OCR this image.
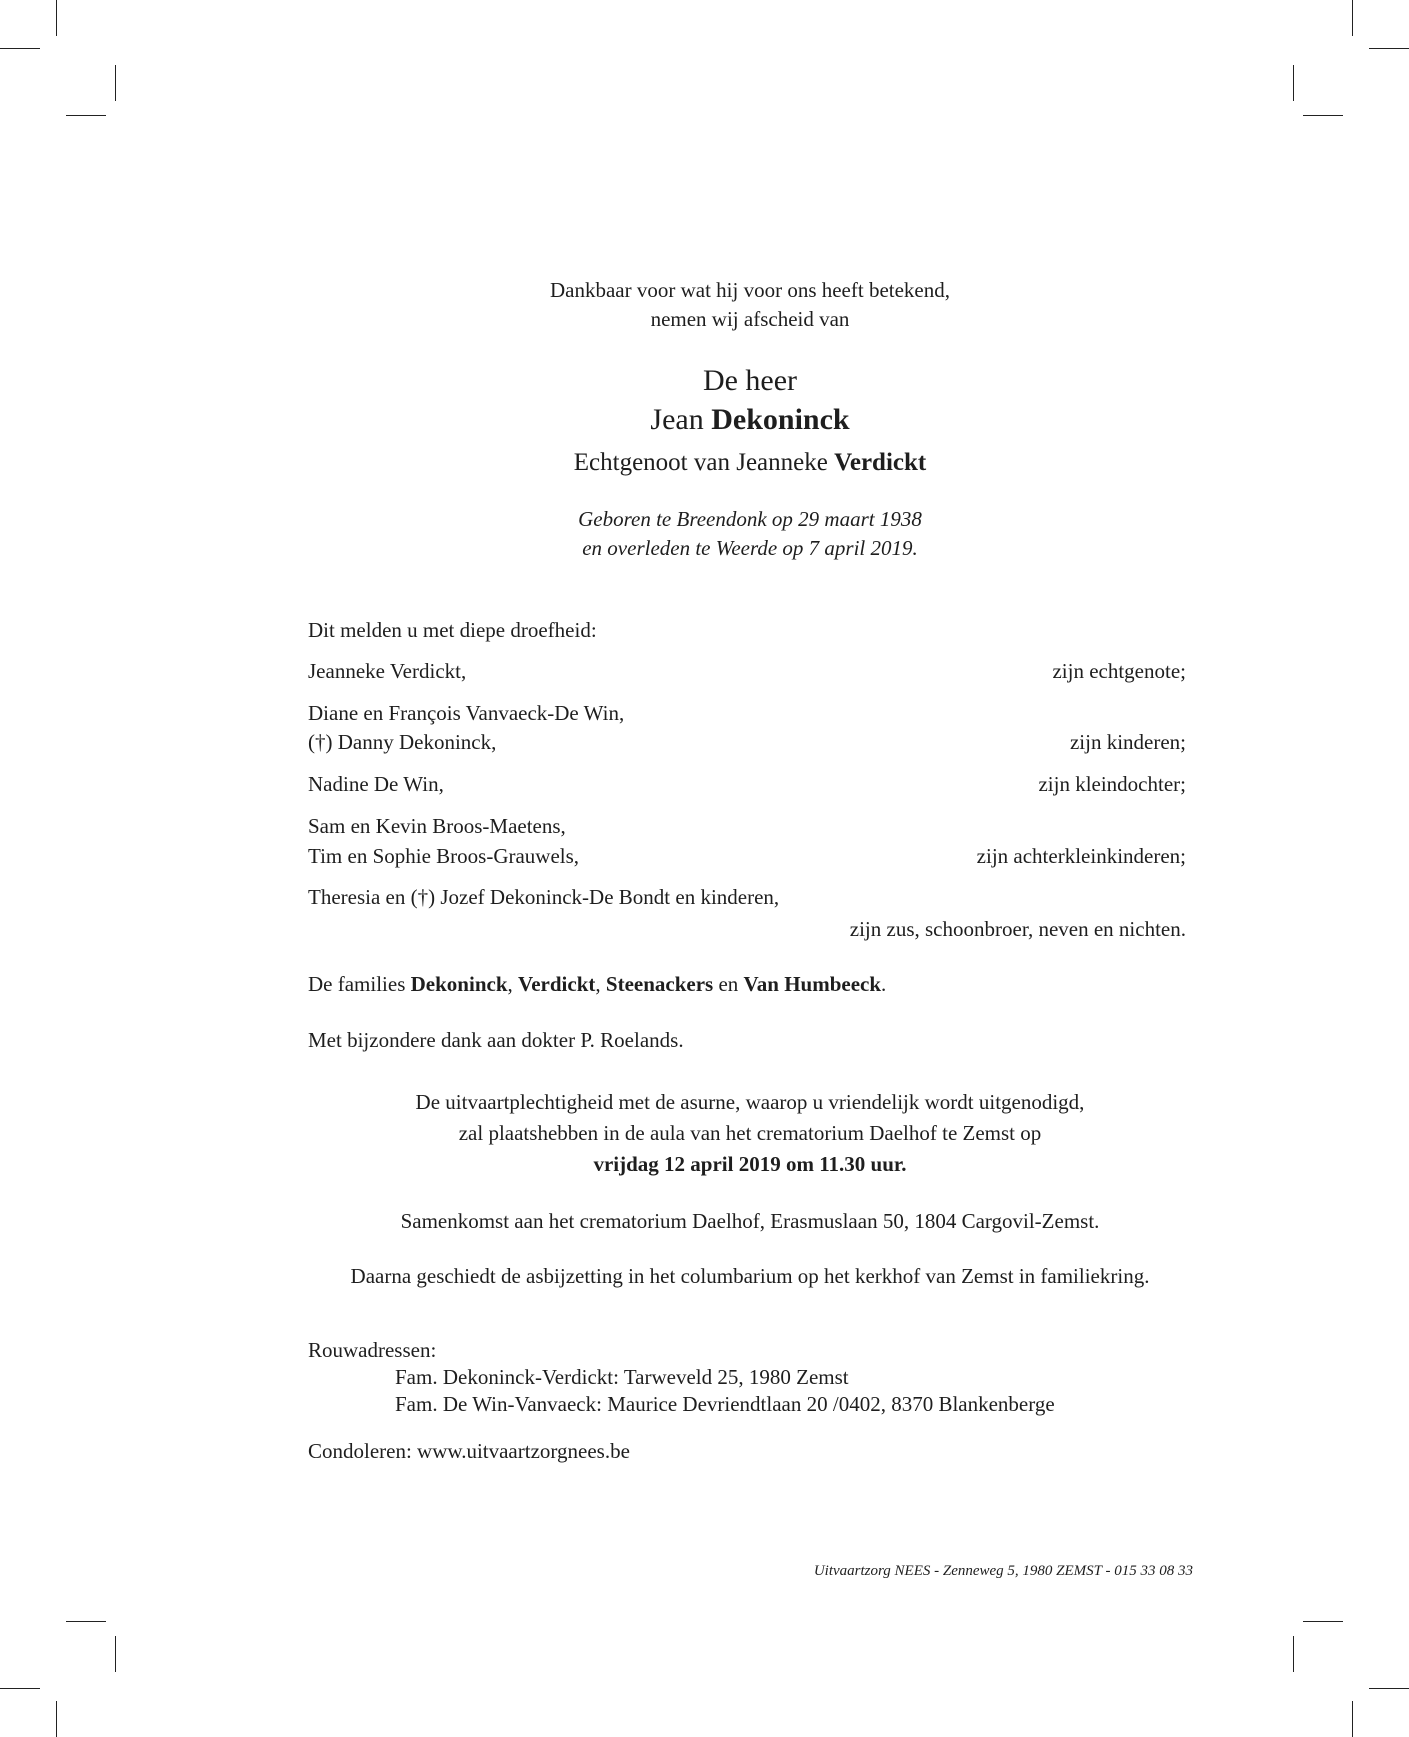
Dankbaar voor wat hij voor ons heeft betekend,
nemen wij afscheid van
De heer
Jean Dekoninck
Echtgenoot van Jeanneke Verdickt
Geboren te Breendonk op 29 maart 1938
en overleden te Weerde op 7 april 2019.
Dit melden u met diepe droefheid:
Jeanneke Verdickt,	zijn echtgenote;
Diane en François Vanvaeck-De Win,
(†) Danny Dekoninck,	zijn kinderen;
Nadine De Win,	zijn kleindochter;
Sam en Kevin Broos-Maetens,
Tim en Sophie Broos-Grauwels,	zijn achterkleinkinderen;
Theresia en (†) Jozef Dekoninck-De Bondt en kinderen,
zijn zus, schoonbroer, neven en nichten.
De families Dekoninck, Verdickt, Steenackers en Van Humbeeck.
Met bijzondere dank aan dokter P. Roelands.
De uitvaartplechtigheid met de asurne, waarop u vriendelijk wordt uitgenodigd,
zal plaatshebben in de aula van het crematorium Daelhof te Zemst op
vrijdag 12 april 2019 om 11.30 uur.
Samenkomst aan het crematorium Daelhof, Erasmuslaan 50, 1804 Cargovil-Zemst.
Daarna geschiedt de asbijzetting in het columbarium op het kerkhof van Zemst in familiekring.
Rouwadressen:
Fam. Dekoninck-Verdickt: Tarweveld 25, 1980 Zemst
Fam. De Win-Vanvaeck: Maurice Devriendtlaan 20 /0402, 8370 Blankenberge
Condoleren: www.uitvaartzorgnees.be
Uitvaartzorg NEES - Zenneweg 5, 1980 ZEMST - 015 33 08 33
